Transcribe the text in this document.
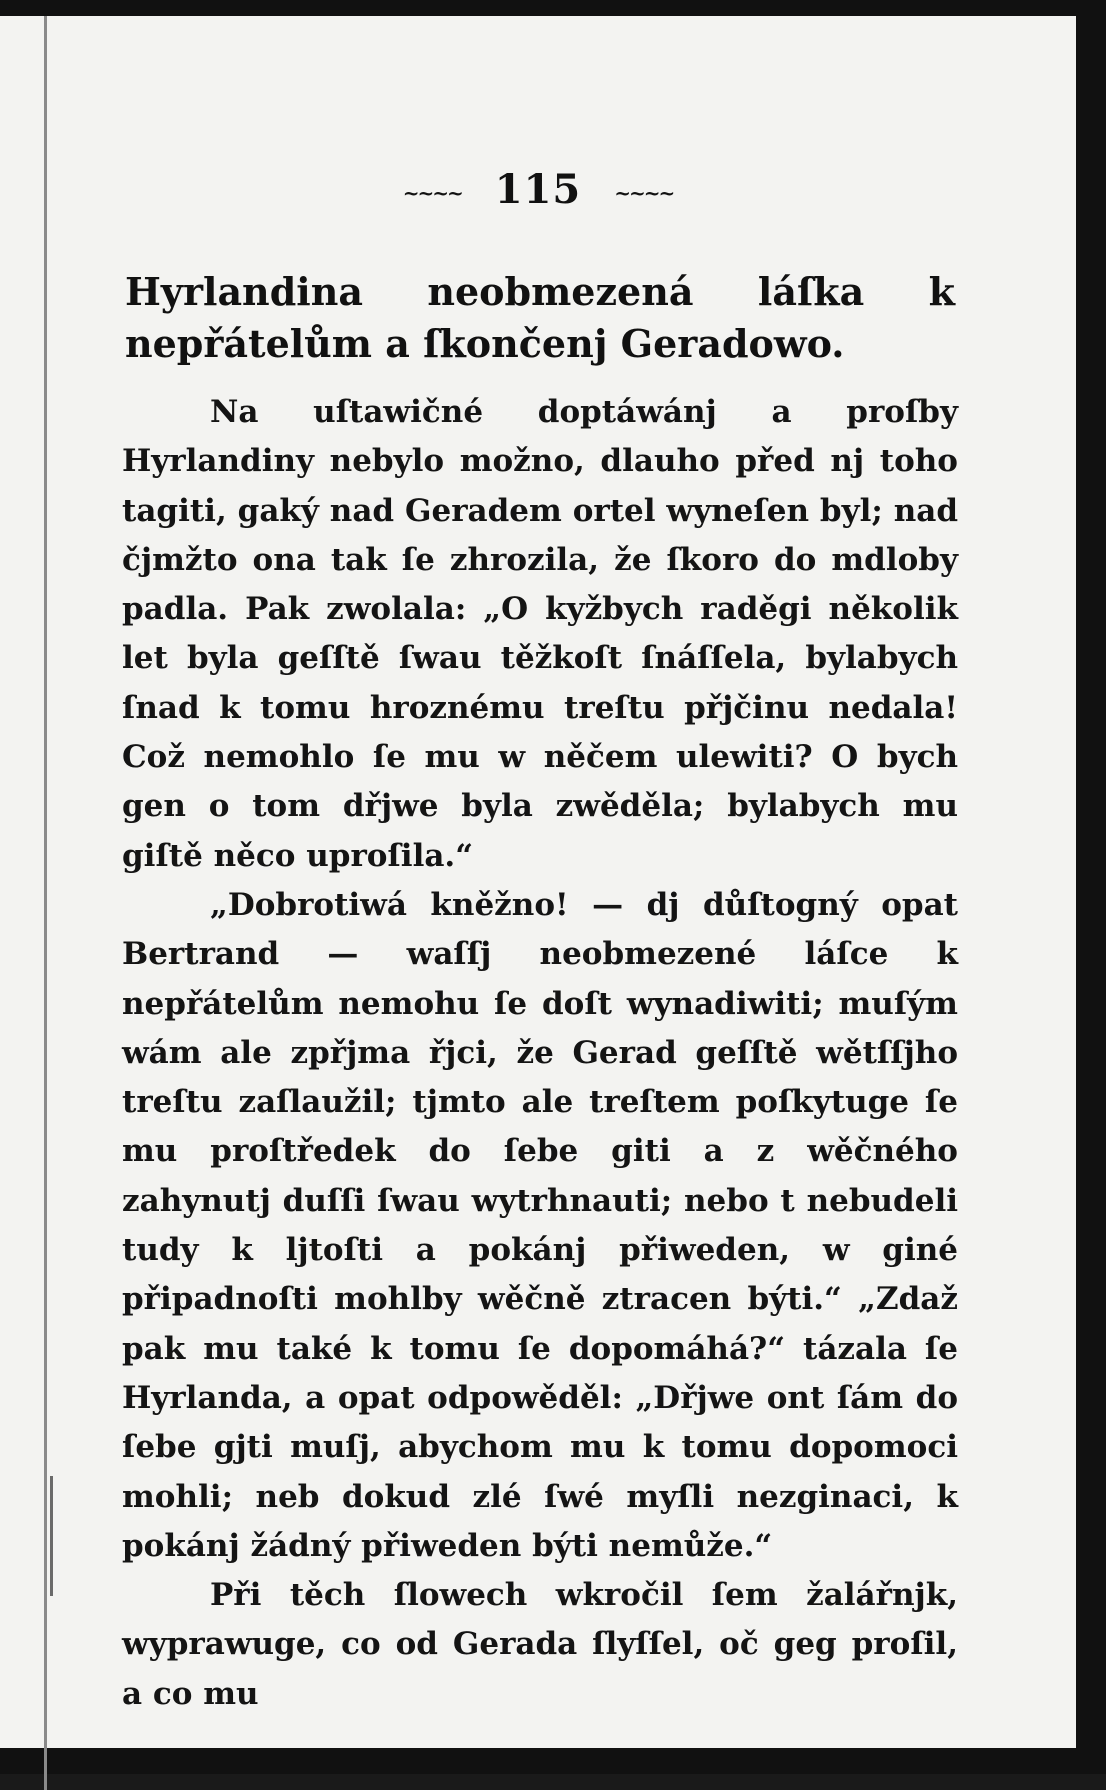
~~~~ 115 ~~~~
Hyrlandina neobmezená láſka k nepřátelům a ſkončenj Geradowo.

Na uſtawičné doptáwánj a proſby Hyrlandiny nebylo možno, dlauho před nj toho tagiti, gaký nad Geradem ortel wyneſen byl; nad čjmžto ona tak ſe zhrozila, že ſkoro do mdloby padla. Pak zwolala: „O kyžbych raděgi několik let byla geſſtě ſwau těžkoſt ſnáſſela, bylabych ſnad k tomu hroznému treſtu přjčinu nedala! Což nemohlo ſe mu w něčem ulewiti? O bych gen o tom dřjwe byla zwěděla; bylabych mu giſtě něco uproſila.“

„Dobrotiwá kněžno! — dj důſtogný opat Bertrand — waſſj neobmezené láſce k nepřátelům nemohu ſe doſt wynadiwiti; muſým wám ale zpřjma řjci, že Gerad geſſtě wětſſjho treſtu zaſlaužil; tjmto ale treſtem poſkytuge ſe mu proſtředek do ſebe giti a z wěčného zahynutj duſſi ſwau wytrhnauti; nebo t nebudeli tudy k ljtoſti a pokánj přiweden, w giné připadnoſti mohlby wěčně ztracen býti.“ „Zdaž pak mu také k tomu ſe dopomáhá?“ tázala ſe Hyrlanda, a opat odpowěděl: „Dřjwe ont ſám do ſebe gjti muſj, abychom mu k tomu dopomoci mohli; neb dokud zlé ſwé myſli nezginaci, k pokánj žádný přiweden býti nemůže.“

Při těch ſlowech wkročil ſem žalářnjk, wyprawuge, co od Gerada ſlyſſel, oč geg proſil, a co mu
